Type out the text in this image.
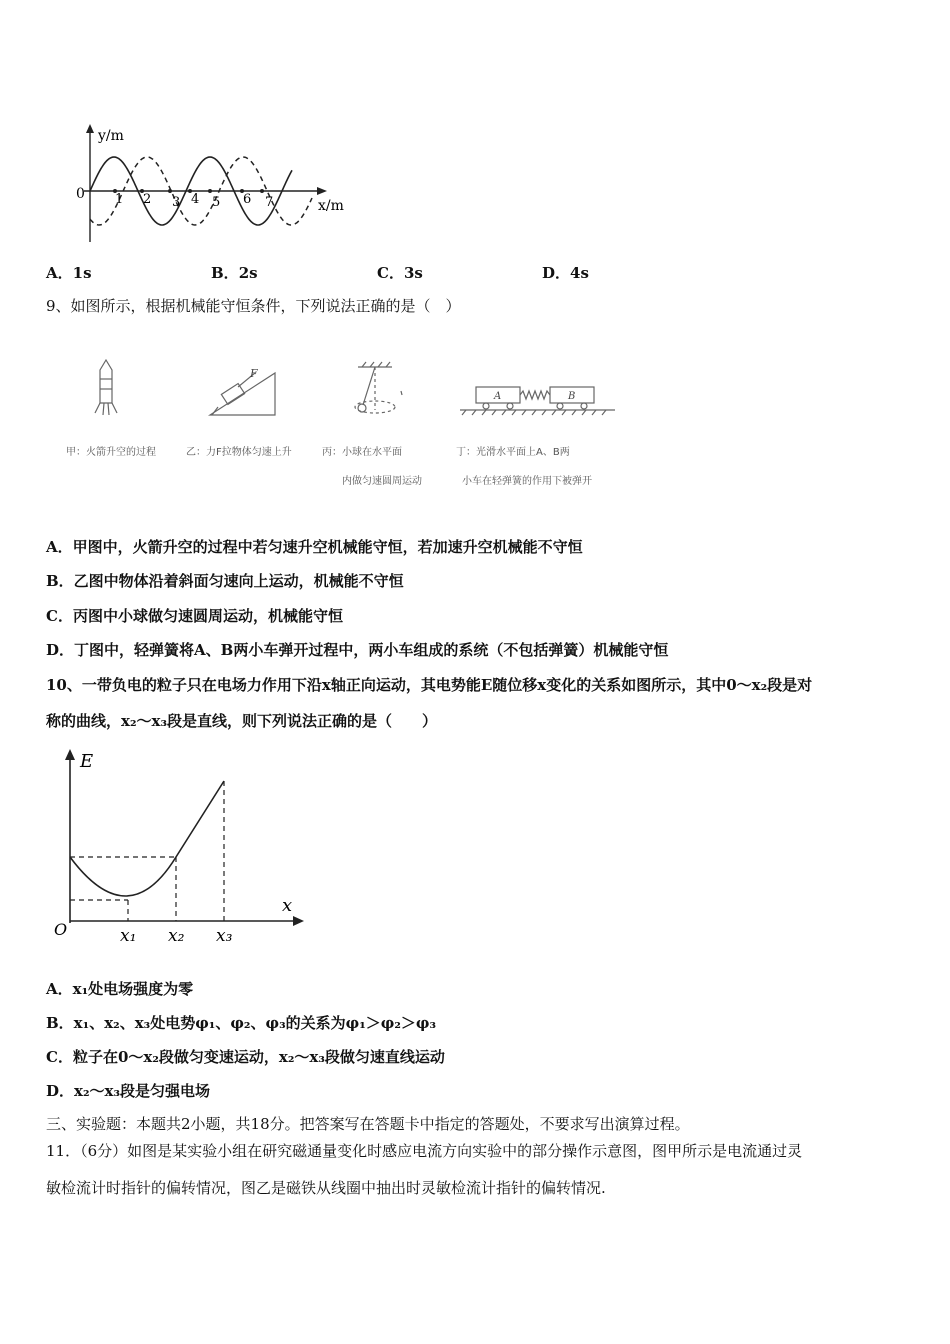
y/m
x/m
0 1 2 3 4 5 6 7
A．1s	B．2s	C．3s	D．4s
9、如图所示，根据机械能守恒条件，下列说法正确的是（　）
F
A	B
甲：火箭升空的过程	乙：力F拉物体匀速上升	丙：小球在水平面
内做匀速圆周运动
丁：光滑水平面上A、B两
小车在轻弹簧的作用下被弹开
A．甲图中，火箭升空的过程中若匀速升空机械能守恒，若加速升空机械能不守恒
B．乙图中物体沿着斜面匀速向上运动，机械能不守恒
C．丙图中小球做匀速圆周运动，机械能守恒
D．丁图中，轻弹簧将A、B两小车弹开过程中，两小车组成的系统（不包括弹簧）机械能守恒
10、一带负电的粒子只在电场力作用下沿x轴正向运动，其电势能E随位移x变化的关系如图所示，其中0～x₂段是对
称的曲线，x₂～x₃段是直线，则下列说法正确的是（　　）
E
x
O	x₁ x₂ x₃
A．x₁处电场强度为零
B．x₁、x₂、x₃处电势φ₁、φ₂、φ₃的关系为φ₁＞φ₂＞φ₃
C．粒子在0～x₂段做匀变速运动，x₂～x₃段做匀速直线运动
D．x₂～x₃段是匀强电场
三、实验题：本题共2小题，共18分。把答案写在答题卡中指定的答题处，不要求写出演算过程。
11．（6分）如图是某实验小组在研究磁通量变化时感应电流方向实验中的部分操作示意图，图甲所示是电流通过灵
敏检流计时指针的偏转情况，图乙是磁铁从线圈中抽出时灵敏检流计指针的偏转情况.
